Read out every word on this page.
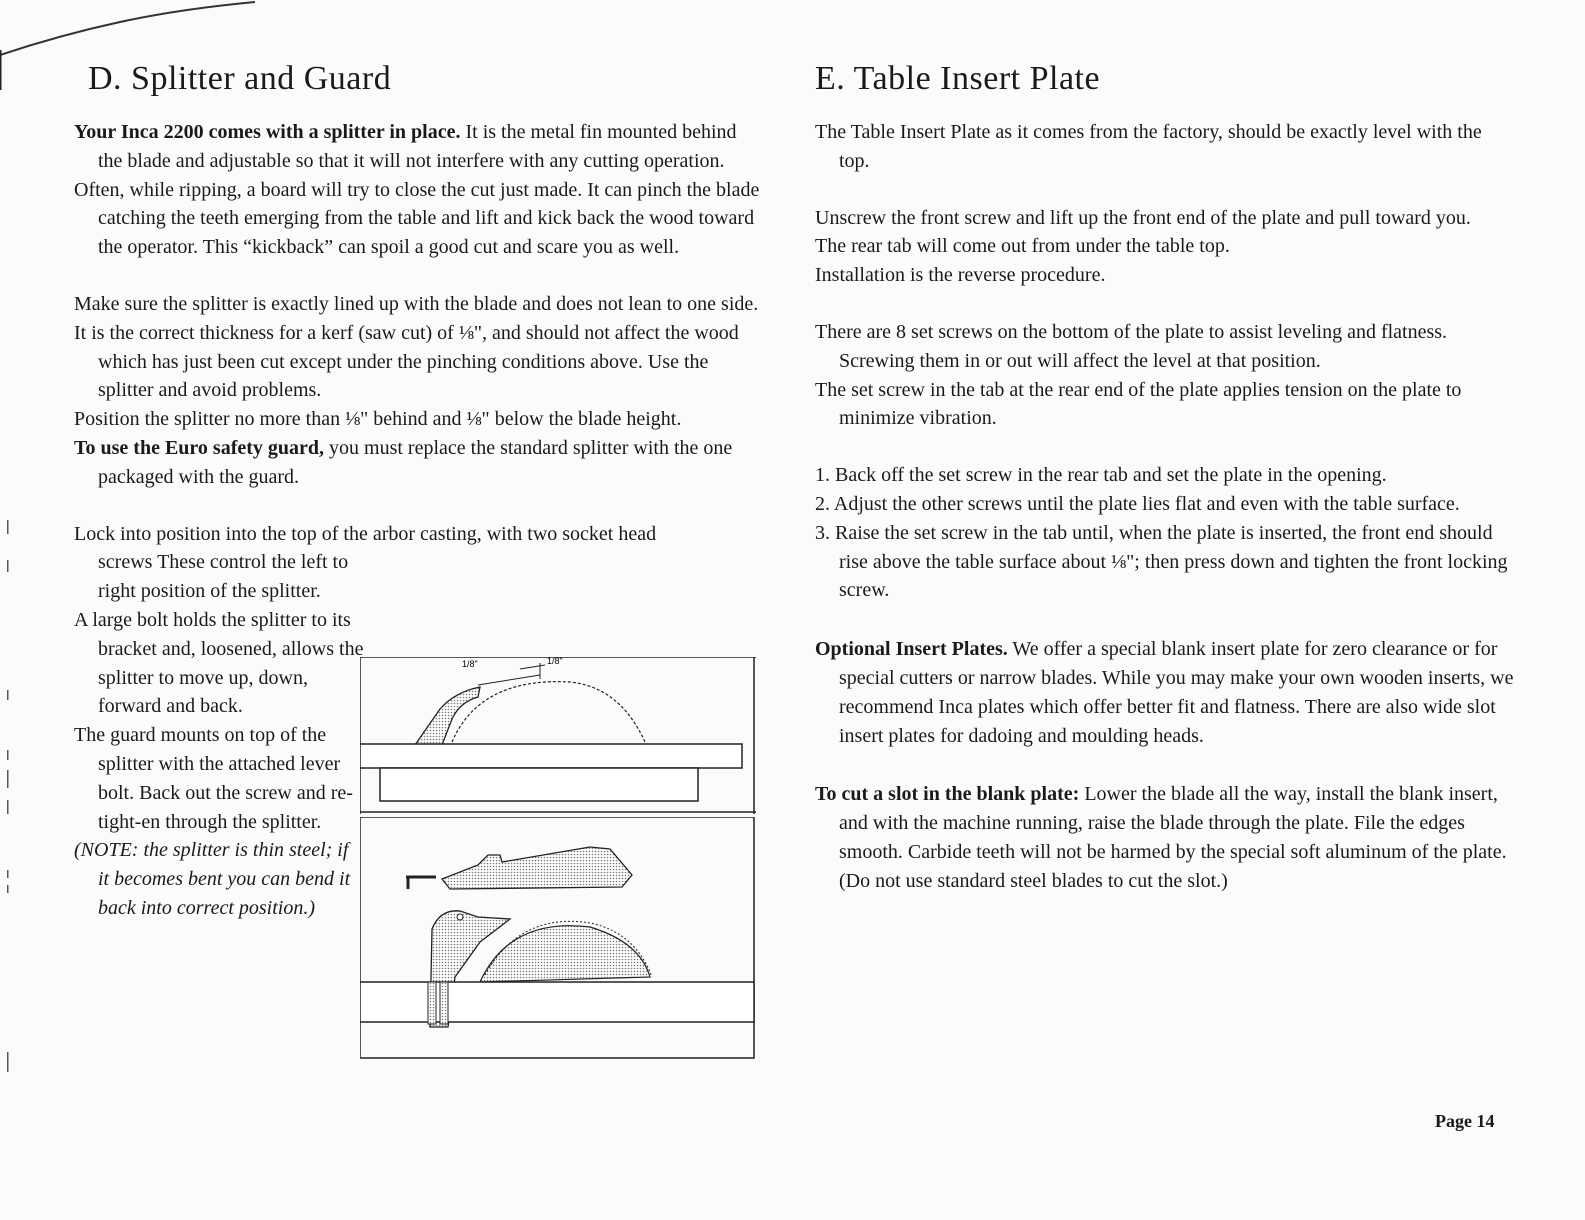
D. Splitter and Guard

Your Inca 2200 comes with a splitter in place. It is the metal fin mounted behind the blade and adjustable so that it will not interfere with any cutting operation.

Often, while ripping, a board will try to close the cut just made. It can pinch the blade catching the teeth emerging from the table and lift and kick back the wood toward the operator. This “kickback” can spoil a good cut and scare you as well.

Make sure the splitter is exactly lined up with the blade and does not lean to one side.

It is the correct thickness for a kerf (saw cut) of ⅛", and should not affect the wood which has just been cut except under the pinching conditions above. Use the splitter and avoid problems.

Position the splitter no more than ⅛" behind and ⅛" below the blade height.

To use the Euro safety guard, you must replace the standard splitter with the one packaged with the guard.

Lock into position into the top of the arbor casting, with two socket head

screws These control the left to right position of the splitter.

A large bolt holds the splitter to its bracket and, loosened, allows the splitter to move up, down, forward and back.

The guard mounts on top of the splitter with the attached lever bolt. Back out the screw and re-tight-en through the splitter.

(NOTE: the splitter is thin steel; if it becomes bent you can bend it back into correct position.)

1/8"	1/8"
E. Table Insert Plate

The Table Insert Plate as it comes from the factory, should be exactly level with the top.

Unscrew the front screw and lift up the front end of the plate and pull toward you.

The rear tab will come out from under the table top.

Installation is the reverse procedure.

There are 8 set screws on the bottom of the plate to assist leveling and flatness. Screwing them in or out will affect the level at that position.

The set screw in the tab at the rear end of the plate applies tension on the plate to minimize vibration.

1. Back off the set screw in the rear tab and set the plate in the opening.

2. Adjust the other screws until the plate lies flat and even with the table surface.

3. Raise the set screw in the tab until, when the plate is inserted, the front end should rise above the table surface about ⅛"; then press down and tighten the front locking screw.

Optional Insert Plates. We offer a special blank insert plate for zero clearance or for special cutters or narrow blades. While you may make your own wooden inserts, we recommend Inca plates which offer better fit and flatness. There are also wide slot insert plates for dadoing and moulding heads.

To cut a slot in the blank plate: Lower the blade all the way, install the blank insert, and with the machine running, raise the blade through the plate. File the edges smooth. Carbide teeth will not be harmed by the special soft aluminum of the plate. (Do not use standard steel blades to cut the slot.)

Page 14
